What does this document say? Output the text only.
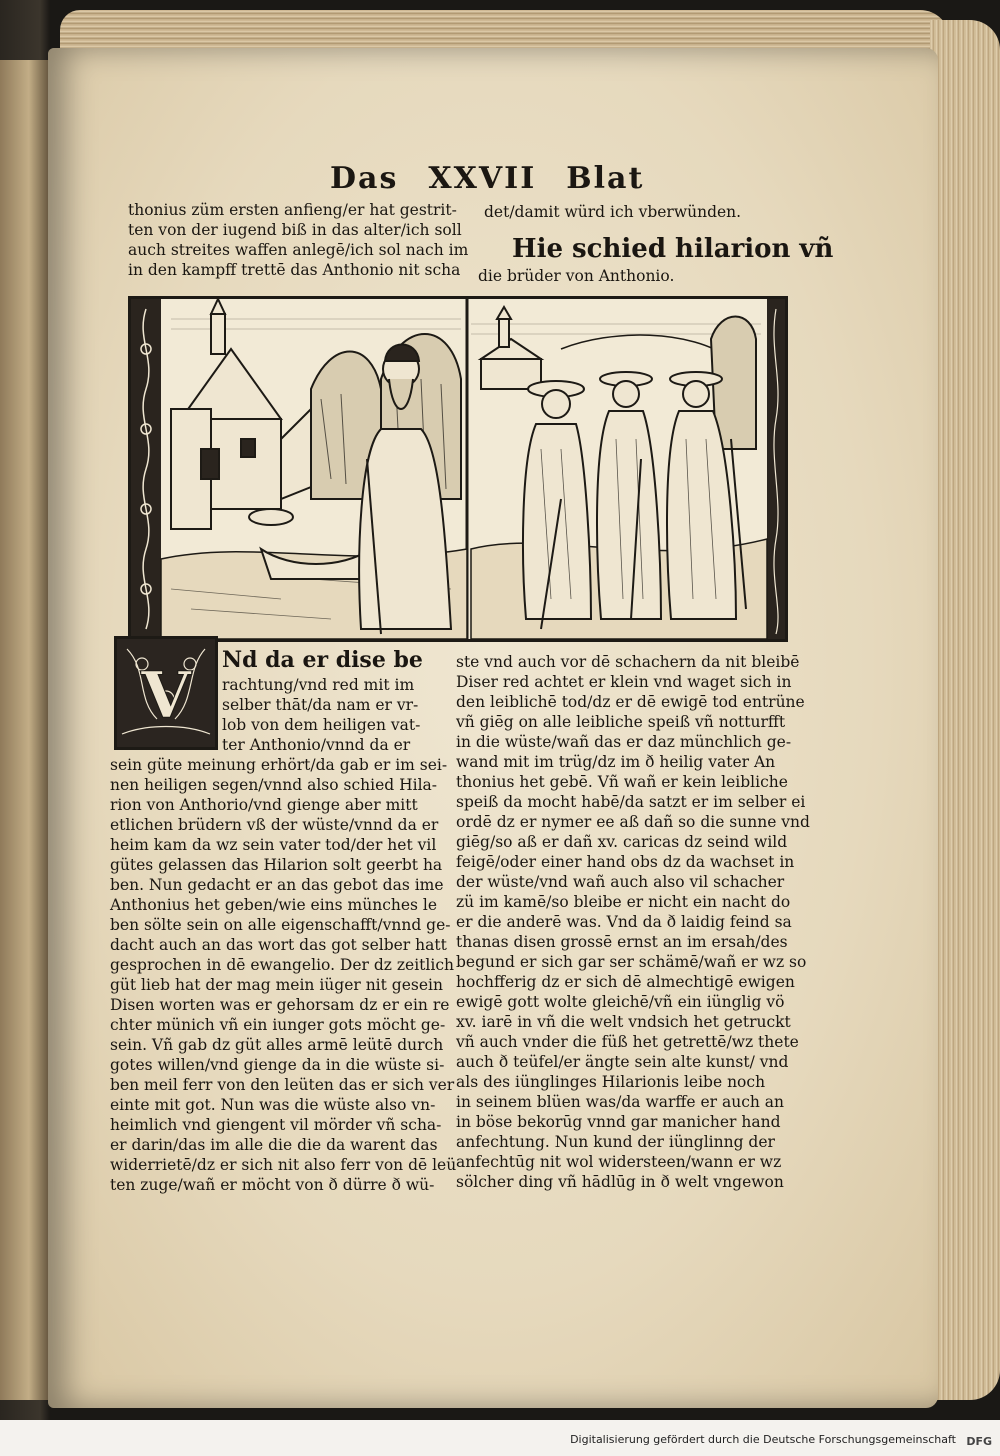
Das XXVII Blat
thonius züm ersten anfieng/er hat gestrit-
ten von der iugend biß in das alter/ich soll
auch streites waffen anlegē/ich sol nach im
in den kampff trettē das Anthonio nit scha
det/damit würd ich vberwünden.
Hie schied hilarion vñ
die brüder von Anthonio.
V Nd da er dise be
rachtung/vnd red mit im
selber thāt/da nam er vr-
lob von dem heiligen vat-
ter Anthonio/vnnd da er
sein güte meinung erhört/da gab er im sei-
nen heiligen segen/vnnd also schied Hila-
rion von Anthorio/vnd gienge aber mitt
etlichen brüdern vß der wüste/vnnd da er
heim kam da wz sein vater tod/der het vil
gütes gelassen das Hilarion solt geerbt ha
ben. Nun gedacht er an das gebot das ime
Anthonius het geben/wie eins münches le
ben sölte sein on alle eigenschafft/vnnd ge-
dacht auch an das wort das got selber hatt
gesprochen in dē ewangelio. Der dz zeitlich
güt lieb hat der mag mein iüger nit gesein
Disen worten was er gehorsam dz er ein re
chter münich vñ ein iunger gots möcht ge-
sein. Vñ gab dz güt alles armē leütē durch
gotes willen/vnd gienge da in die wüste si-
ben meil ferr von den leüten das er sich ver
einte mit got. Nun was die wüste also vn-
heimlich vnd giengent vil mörder vñ scha-
er darin/das im alle die die da warent das
widerrietē/dz er sich nit also ferr von dē leü
ten zuge/wañ er möcht von ð dürre ð wü-
ste vnd auch vor dē schachern da nit bleibē
Diser red achtet er klein vnd waget sich in
den leiblichē tod/dz er dē ewigē tod entrüne
vñ giēg on alle leibliche speiß vñ notturfft
in die wüste/wañ das er daz münchlich ge-
wand mit im trüg/dz im ð heilig vater An
thonius het gebē. Vñ wañ er kein leibliche
speiß da mocht habē/da satzt er im selber ei
ordē dz er nymer ee aß dañ so die sunne vnd
giēg/so aß er dañ xv. caricas dz seind wild
feigē/oder einer hand obs dz da wachset in
der wüste/vnd wañ auch also vil schacher
zü im kamē/so bleibe er nicht ein nacht do
er die anderē was. Vnd da ð laidig feind sa
thanas disen grossē ernst an im ersah/des
begund er sich gar ser schämē/wañ er wz so
hochfferig dz er sich dē almechtigē ewigen
ewigē gott wolte gleichē/vñ ein iünglig vö
xv. iarē in vñ die welt vndsich het getruckt
vñ auch vnder die füß het getrettē/wz thete
auch ð teüfel/er ängte sein alte kunst/ vnd
als des iünglinges Hilarionis leibe noch
in seinem blüen was/da warffe er auch an
in böse bekorūg vnnd gar manicher hand
anfechtung. Nun kund der iünglinng der
anfechtūg nit wol widersteen/wann er wz
sölcher ding vñ hādlūg in ð welt vngewon
Digitalisierung gefördert durch die Deutsche Forschungsgemeinschaft DFG
